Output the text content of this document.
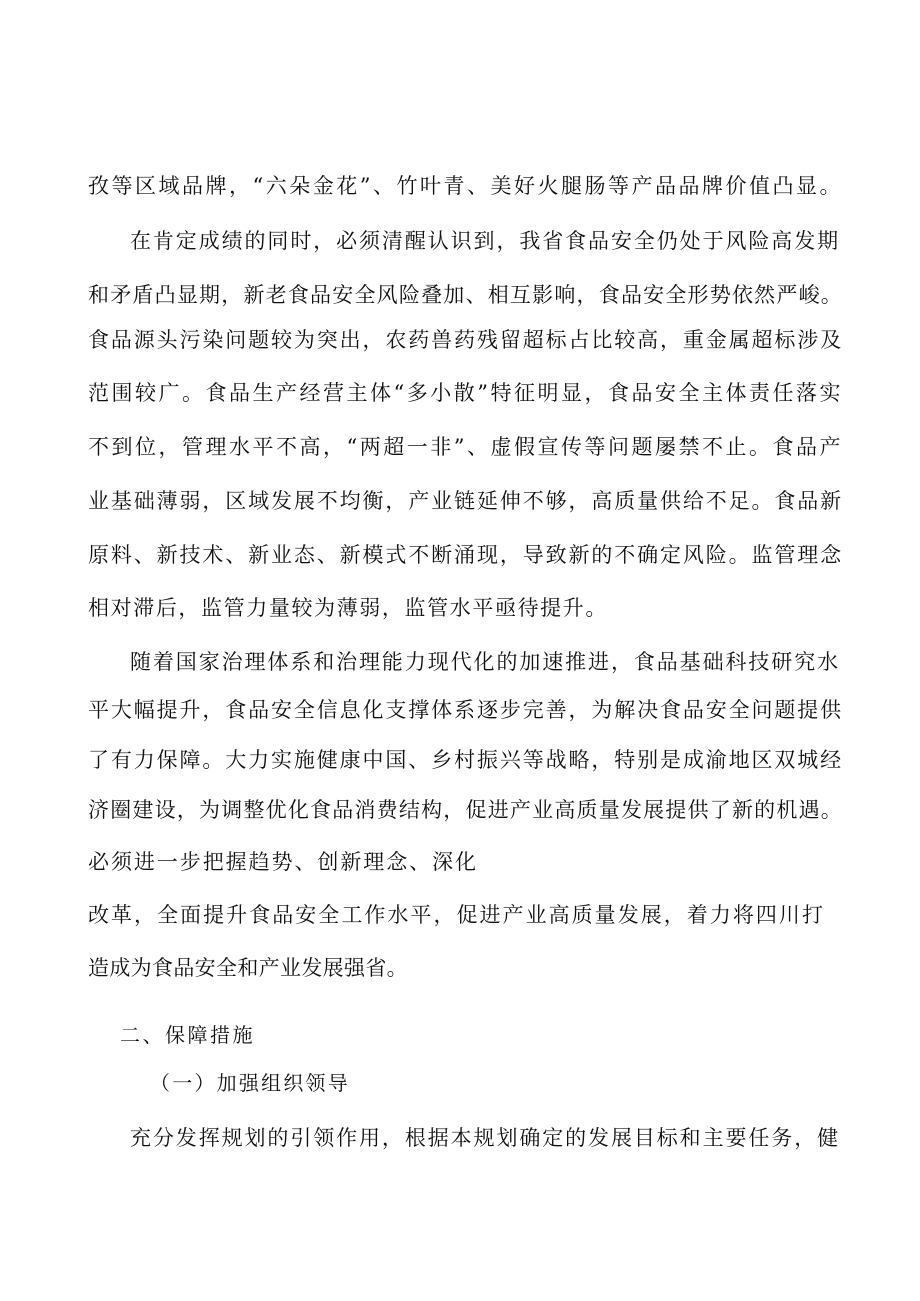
孜等区域品牌，“六朵金花”、竹叶青、美好火腿肠等产品品牌价值凸显。
在肯定成绩的同时，必须清醒认识到，我省食品安全仍处于风险高发期
和矛盾凸显期，新老食品安全风险叠加、相互影响，食品安全形势依然严峻。
食品源头污染问题较为突出，农药兽药残留超标占比较高，重金属超标涉及
范围较广。食品生产经营主体“多小散”特征明显，食品安全主体责任落实
不到位，管理水平不高，“两超一非”、虚假宣传等问题屡禁不止。食品产
业基础薄弱，区域发展不均衡，产业链延伸不够，高质量供给不足。食品新
原料、新技术、新业态、新模式不断涌现，导致新的不确定风险。监管理念
相对滞后，监管力量较为薄弱，监管水平亟待提升。
随着国家治理体系和治理能力现代化的加速推进，食品基础科技研究水
平大幅提升，食品安全信息化支撑体系逐步完善，为解决食品安全问题提供
了有力保障。大力实施健康中国、乡村振兴等战略，特别是成渝地区双城经
济圈建设，为调整优化食品消费结构，促进产业高质量发展提供了新的机遇。
必须进一步把握趋势、创新理念、深化
改革，全面提升食品安全工作水平，促进产业高质量发展，着力将四川打
造成为食品安全和产业发展强省。
二、保障措施
（一）加强组织领导
充分发挥规划的引领作用，根据本规划确定的发展目标和主要任务，健
